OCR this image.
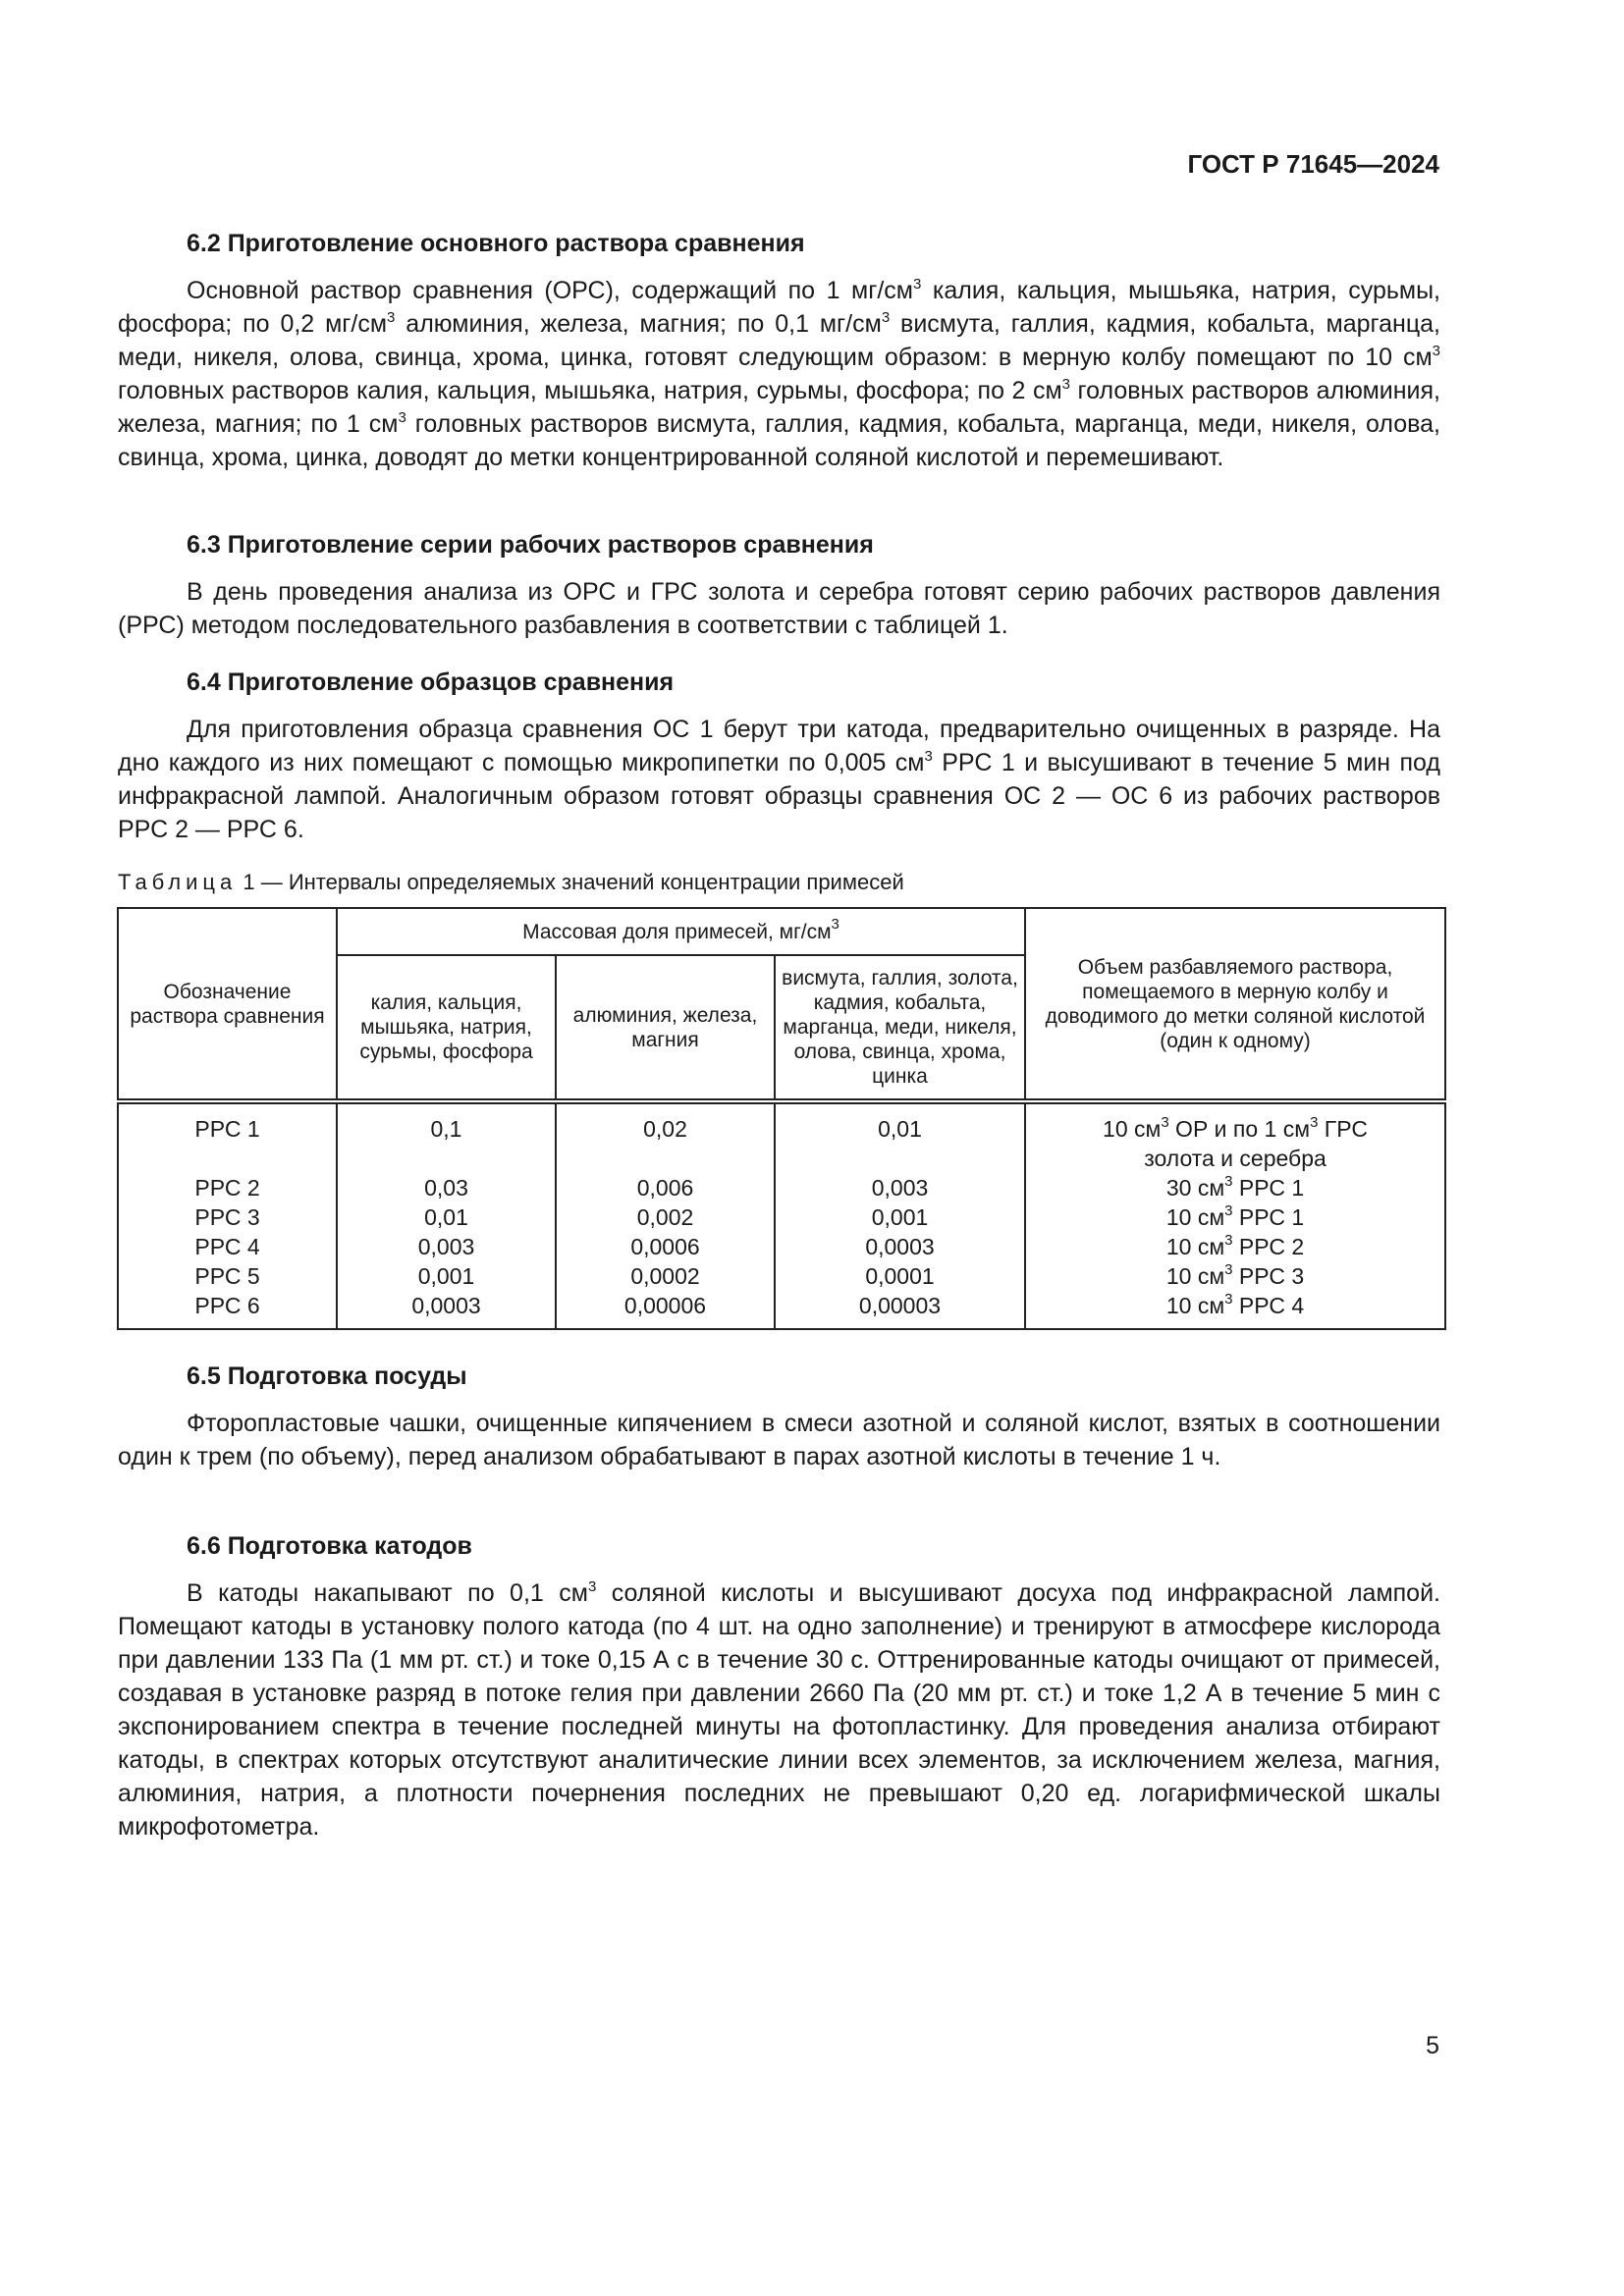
ГОСТ Р 71645—2024
6.2 Приготовление основного раствора сравнения

Основной раствор сравнения (ОРС), содержащий по 1 $мг/см^3$ калия, кальция, мышьяка, натрия, сурьмы, фосфора; по 0,2 $мг/см^3$ алюминия, железа, магния; по 0,1 $мг/см^3$ висмута, галлия, кадмия, кобальта, марганца, меди, никеля, олова, свинца, хрома, цинка, готовят следующим образом: в мерную колбу помещают по 10 $см^3$ головных растворов калия, кальция, мышьяка, натрия, сурьмы, фосфора; по 2 $см^3$ головных растворов алюминия, железа, магния; по 1 $см^3$ головных растворов висмута, галлия, кадмия, кобальта, марганца, меди, никеля, олова, свинца, хрома, цинка, доводят до метки концентрированной соляной кислотой и перемешивают.

6.3 Приготовление серии рабочих растворов сравнения

В день проведения анализа из ОРС и ГРС золота и серебра готовят серию рабочих растворов давления (РРС) методом последовательного разбавления в соответствии с таблицей 1.

6.4 Приготовление образцов сравнения

Для приготовления образца сравнения ОС 1 берут три катода, предварительно очищенных в разряде. На дно каждого из них помещают с помощью микропипетки по 0,005 $см^3$ РРС 1 и высушивают в течение 5 мин под инфракрасной лампой. Аналогичным образом готовят образцы сравнения ОС 2 — ОС 6 из рабочих растворов РРС 2 — РРС 6.

Таблица 1 — Интервалы определяемых значений концентрации примесей
Обозначение раствора сравнения	Массовая доля примесей, $мг/см^3$			Объем разбавляемого раствора, помещаемого в мерную колбу и доводимого до метки соляной кислотой (один к одному)
	калия, кальция, мышьяка, натрия, сурьмы, фосфора	алюминия, железа, магния	висмута, галлия, золота, кадмия, кобальта, марганца, меди, никеля, олова, свинца, хрома, цинка	
РРС 1	0,1	0,02	0,01	10 $см^3$ ОР и по 1 $см^3$ ГРС золота и серебра
РРС 2	0,03	0,006	0,003	30 $см^3$ РРС 1
РРС 3	0,01	0,002	0,001	10 $см^3$ РРС 1
РРС 4	0,003	0,0006	0,0003	10 $см^3$ РРС 2
РРС 5	0,001	0,0002	0,0001	10 $см^3$ РРС 3
РРС 6	0,0003	0,00006	0,00003	10 $см^3$ РРС 4
6.5 Подготовка посуды

Фторопластовые чашки, очищенные кипячением в смеси азотной и соляной кислот, взятых в соотношении один к трем (по объему), перед анализом обрабатывают в парах азотной кислоты в течение 1 ч.

6.6 Подготовка катодов

В катоды накапывают по 0,1 $см^3$ соляной кислоты и высушивают досуха под инфракрасной лампой. Помещают катоды в установку полого катода (по 4 шт. на одно заполнение) и тренируют в атмосфере кислорода при давлении 133 Па (1 мм рт. ст.) и токе 0,15 А с в течение 30 с. Оттренированные катоды очищают от примесей, создавая в установке разряд в потоке гелия при давлении 2660 Па (20 мм рт. ст.) и токе 1,2 А в течение 5 мин с экспонированием спектра в течение последней минуты на фотопластинку. Для проведения анализа отбирают катоды, в спектрах которых отсутствуют аналитические линии всех элементов, за исключением железа, магния, алюминия, натрия, а плотности почернения последних не превышают 0,20 ед. логарифмической шкалы микрофотометра.

5
